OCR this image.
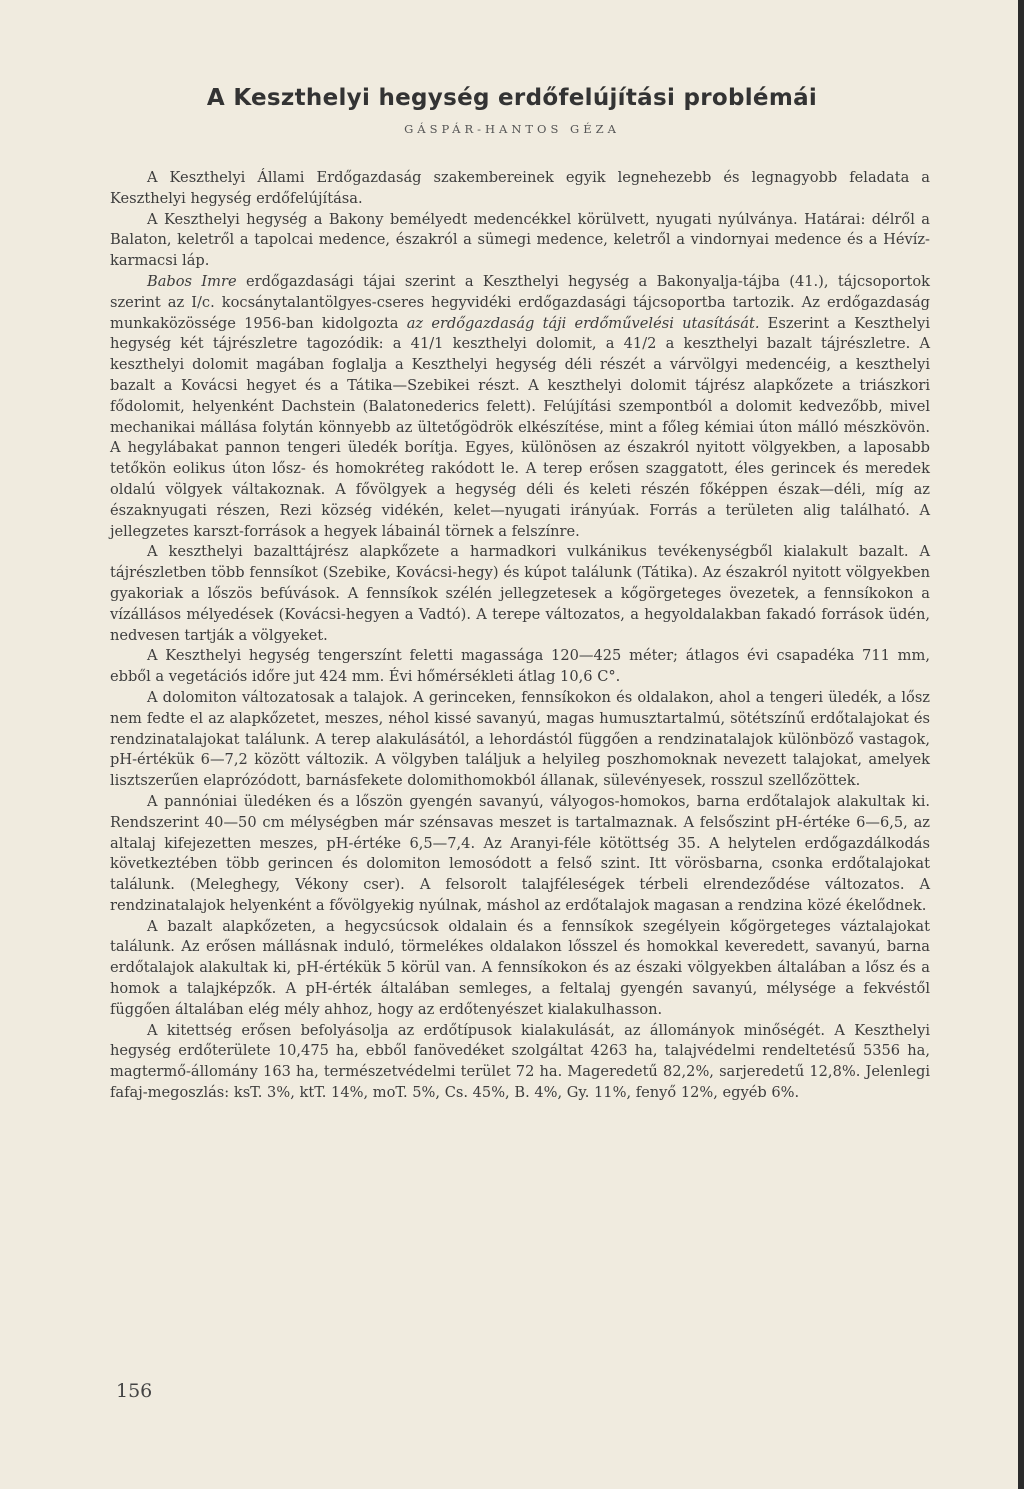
A Keszthelyi hegység erdőfelújítási problémái
GÁSPÁR-HANTOS GÉZA

A Keszthelyi Állami Erdőgazdaság szakembereinek egyik legnehezebb és legnagyobb feladata a Keszthelyi hegység erdőfelújítása.

A Keszthelyi hegység a Bakony bemélyedt medencékkel körülvett, nyugati nyúlványa. Határai: délről a Balaton, keletről a tapolcai medence, északról a sümegi medence, keletről a vindornyai medence és a Hévíz-karmacsi láp.

Babos Imre erdőgazdasági tájai szerint a Keszthelyi hegység a Bakonyalja-tájba (41.), tájcsoportok szerint az I/c. kocsánytalantölgyes-cseres hegyvidéki erdőgazdasági tájcsoportba tartozik. Az erdőgazdaság munkaközössége 1956-ban kidolgozta az erdőgazdaság táji erdőművelési utasítását. Eszerint a Keszthelyi hegység két tájrészletre tagozódik: a 41/1 keszthelyi dolomit, a 41/2 a keszthelyi bazalt tájrészletre. A keszthelyi dolomit magában foglalja a Keszthelyi hegység déli részét a várvölgyi medencéig, a keszthelyi bazalt a Kovácsi hegyet és a Tátika—Szebikei részt. A keszthelyi dolomit tájrész alapkőzete a triászkori fődolomit, helyenként Dachstein (Balatonederics felett). Felújítási szempontból a dolomit kedvezőbb, mivel mechanikai mállása folytán könnyebb az ültetőgödrök elkészítése, mint a főleg kémiai úton málló mészkövön. A hegylábakat pannon tengeri üledék borítja. Egyes, különösen az északról nyitott völgyekben, a laposabb tetőkön eolikus úton lősz- és homokréteg rakódott le. A terep erősen szaggatott, éles gerincek és meredek oldalú völgyek váltakoznak. A fővölgyek a hegység déli és keleti részén főképpen észak—déli, míg az északnyugati részen, Rezi község vidékén, kelet—nyugati irányúak. Forrás a területen alig található. A jellegzetes karszt-források a hegyek lábainál törnek a felszínre.

A keszthelyi bazalttájrész alapkőzete a harmadkori vulkánikus tevékenységből kialakult bazalt. A tájrészletben több fennsíkot (Szebike, Kovácsi-hegy) és kúpot találunk (Tátika). Az északról nyitott völgyekben gyakoriak a lőszös befúvások. A fennsíkok szélén jellegzetesek a kőgörgeteges övezetek, a fennsíkokon a vízállásos mélyedések (Kovácsi-hegyen a Vadtó). A terepe változatos, a hegyoldalakban fakadó források üdén, nedvesen tartják a völgyeket.

A Keszthelyi hegység tengerszínt feletti magassága 120—425 méter; átlagos évi csapadéka 711 mm, ebből a vegetációs időre jut 424 mm. Évi hőmérsékleti átlag 10,6 C°.

A dolomiton változatosak a talajok. A gerinceken, fennsíkokon és oldalakon, ahol a tengeri üledék, a lősz nem fedte el az alapkőzetet, meszes, néhol kissé savanyú, magas humusztartalmú, sötétszínű erdőtalajokat és rendzinatalajokat találunk. A terep alakulásától, a lehordástól függően a rendzinatalajok különböző vastagok, pH-értékük 6—7,2 között változik. A völgyben találjuk a helyileg poszhomoknak nevezett talajokat, amelyek lisztszerűen elaprózódott, barnásfekete dolomithomokból állanak, sülevényesek, rosszul szellőzöttek.

A pannóniai üledéken és a lőszön gyengén savanyú, vályogos-homokos, barna erdőtalajok alakultak ki. Rendszerint 40—50 cm mélységben már szénsavas meszet is tartalmaznak. A felsőszint pH-értéke 6—6,5, az altalaj kifejezetten meszes, pH-értéke 6,5—7,4. Az Aranyi-féle kötöttség 35. A helytelen erdőgazdálkodás következtében több gerincen és dolomiton lemosódott a felső szint. Itt vörösbarna, csonka erdőtalajokat találunk. (Meleghegy, Vékony cser). A felsorolt talajféleségek térbeli elrendeződése változatos. A rendzinatalajok helyenként a fővölgyekig nyúlnak, máshol az erdőtalajok magasan a rendzina közé ékelődnek.

A bazalt alapkőzeten, a hegycsúcsok oldalain és a fennsíkok szegélyein kőgörgeteges váztalajokat találunk. Az erősen mállásnak induló, törmelékes oldalakon lősszel és homokkal keveredett, savanyú, barna erdőtalajok alakultak ki, pH-értékük 5 körül van. A fennsíkokon és az északi völgyekben általában a lősz és a homok a talajképzők. A pH-érték általában semleges, a feltalaj gyengén savanyú, mélysége a fekvéstől függően általában elég mély ahhoz, hogy az erdőtenyészet kialakulhasson.

A kitettség erősen befolyásolja az erdőtípusok kialakulását, az állományok minőségét. A Keszthelyi hegység erdőterülete 10,475 ha, ebből fanövedéket szolgáltat 4263 ha, talajvédelmi rendeltetésű 5356 ha, magtermő-állomány 163 ha, természetvédelmi terület 72 ha. Mageredetű 82,2%, sarjeredetű 12,8%. Jelenlegi fafaj-megoszlás: ksT. 3%, ktT. 14%, moT. 5%, Cs. 45%, B. 4%, Gy. 11%, fenyő 12%, egyéb 6%.

156
